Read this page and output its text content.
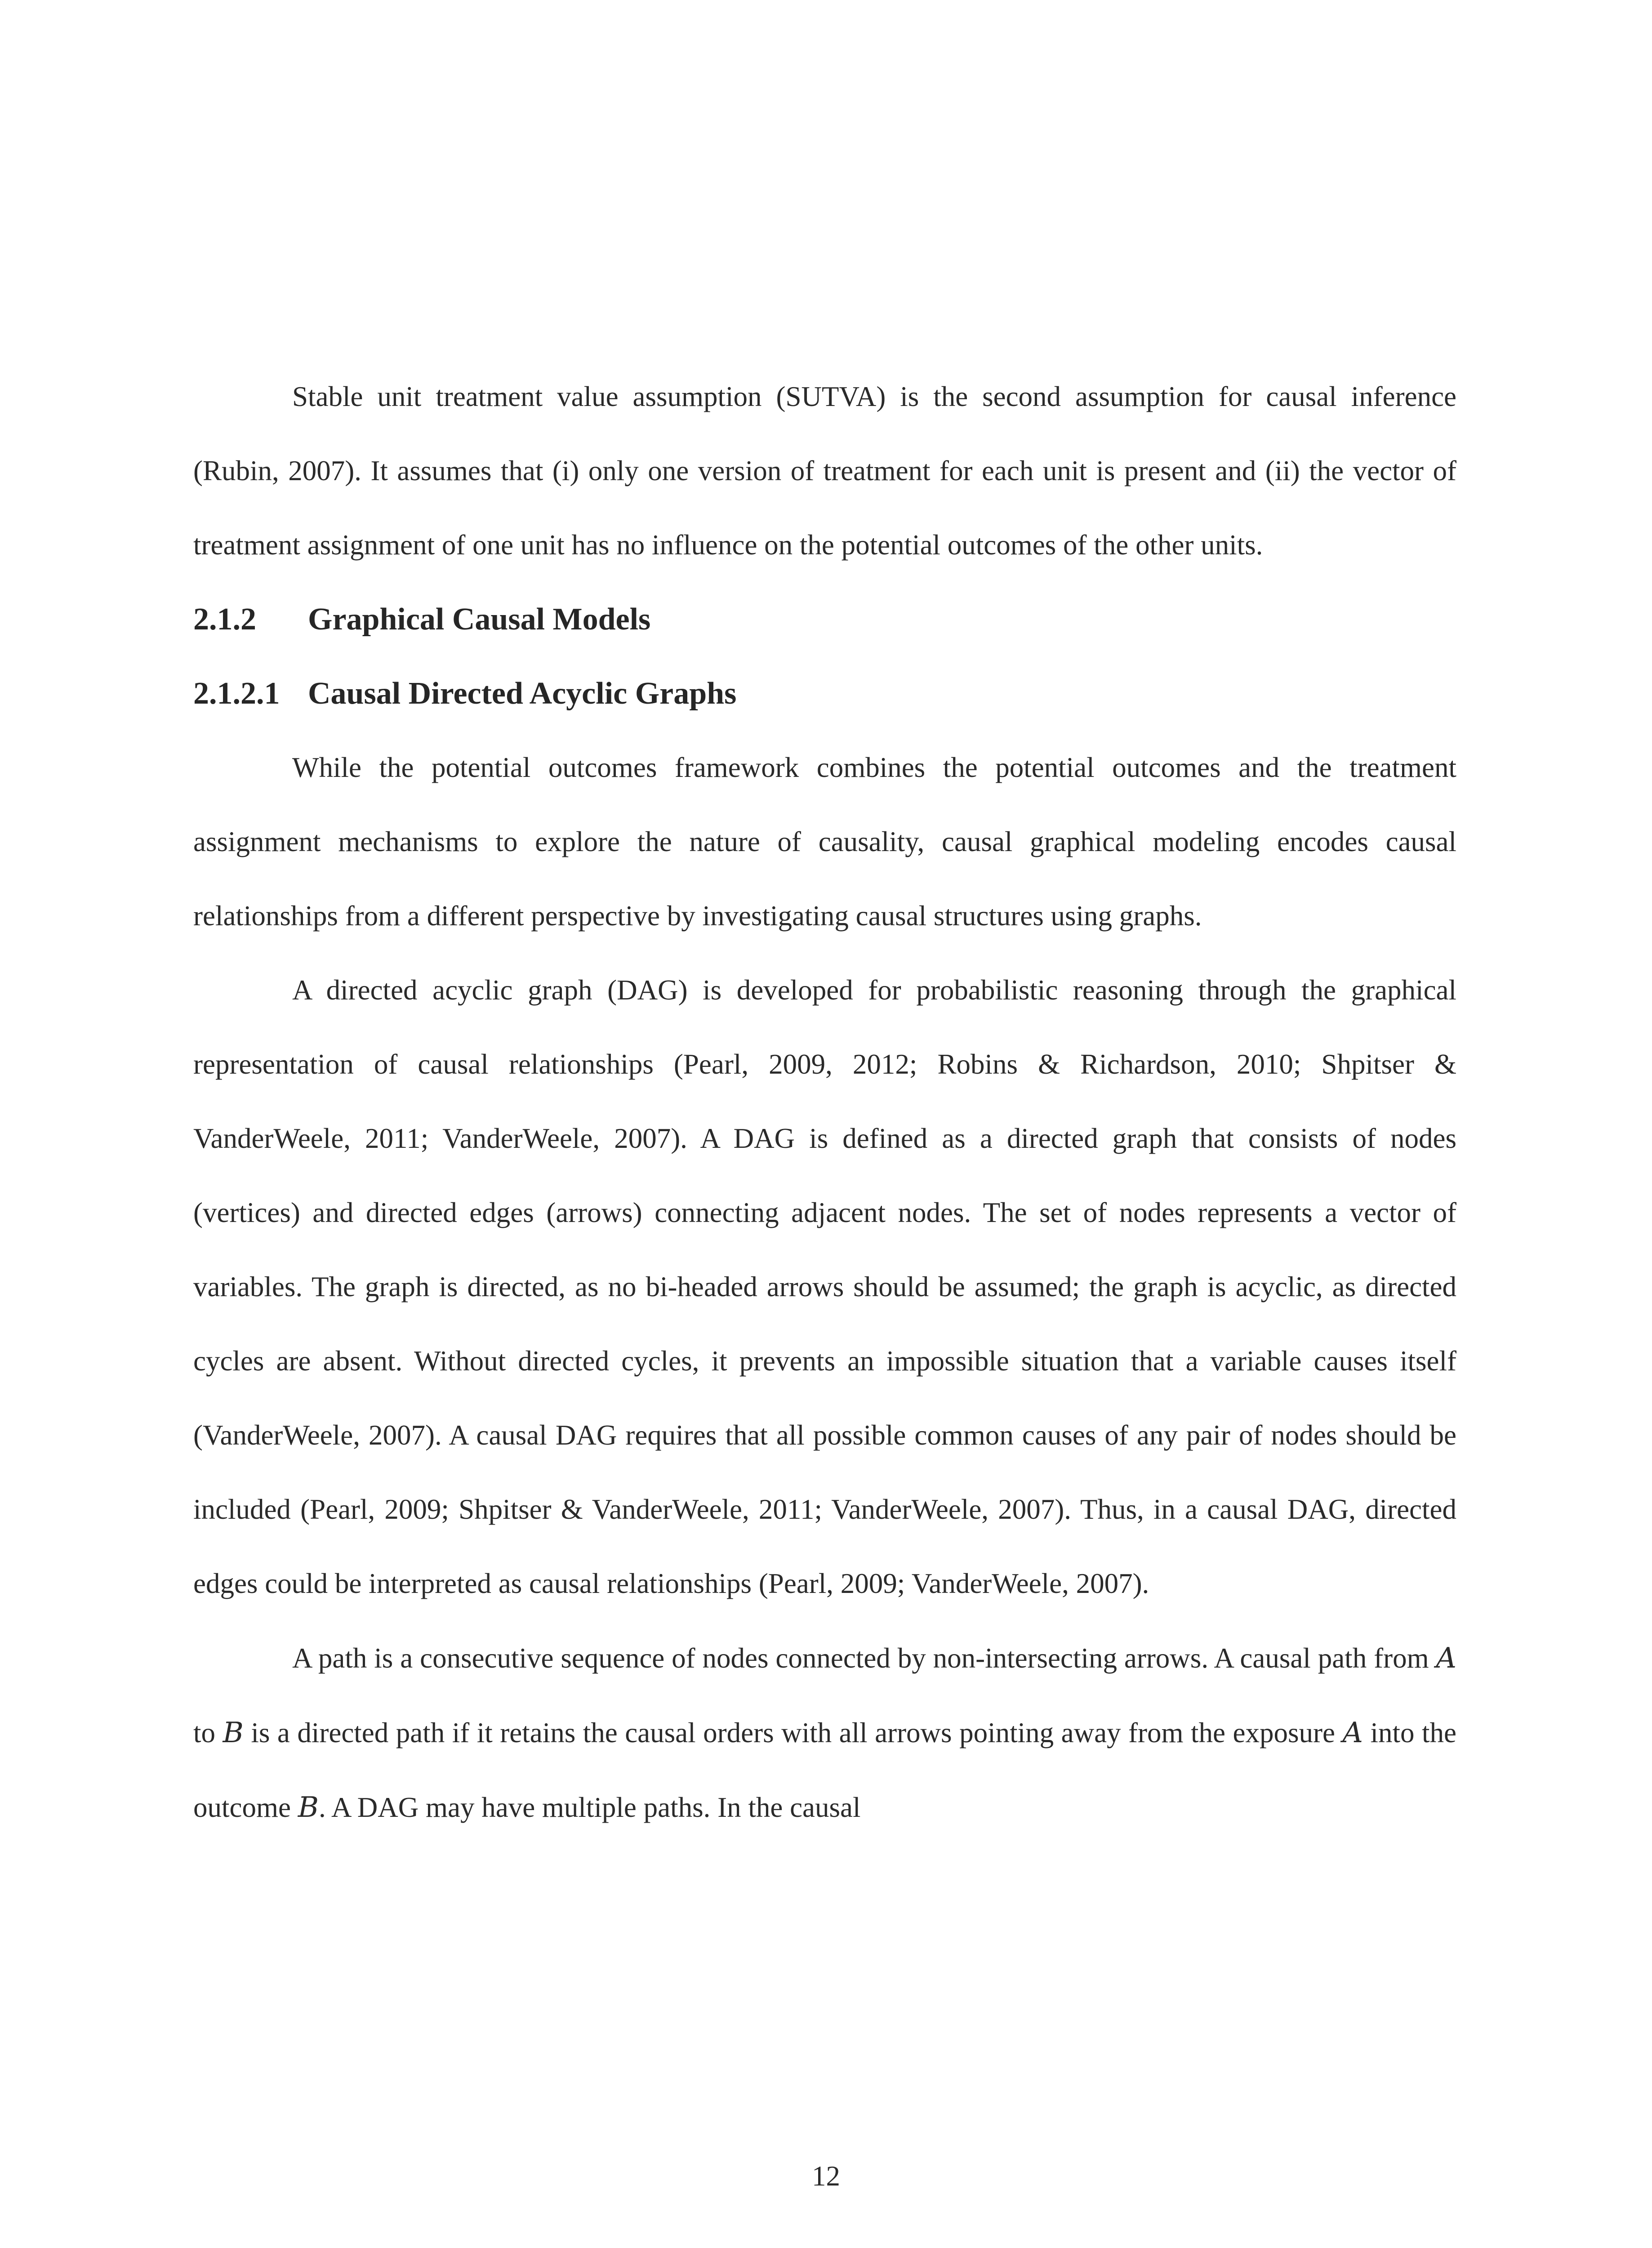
Stable unit treatment value assumption (SUTVA) is the second assumption for causal inference (Rubin, 2007). It assumes that (i) only one version of treatment for each unit is present and (ii) the vector of treatment assignment of one unit has no influence on the potential outcomes of the other units.

2.1.2 Graphical Causal Models
2.1.2.1 Causal Directed Acyclic Graphs

While the potential outcomes framework combines the potential outcomes and the treatment assignment mechanisms to explore the nature of causality, causal graphical modeling encodes causal relationships from a different perspective by investigating causal structures using graphs.

A directed acyclic graph (DAG) is developed for probabilistic reasoning through the graphical representation of causal relationships (Pearl, 2009, 2012; Robins & Richardson, 2010; Shpitser & VanderWeele, 2011; VanderWeele, 2007). A DAG is defined as a directed graph that consists of nodes (vertices) and directed edges (arrows) connecting adjacent nodes. The set of nodes represents a vector of variables. The graph is directed, as no bi-headed arrows should be assumed; the graph is acyclic, as directed cycles are absent. Without directed cycles, it prevents an impossible situation that a variable causes itself (VanderWeele, 2007). A causal DAG requires that all possible common causes of any pair of nodes should be included (Pearl, 2009; Shpitser & VanderWeele, 2011; VanderWeele, 2007). Thus, in a causal DAG, directed edges could be interpreted as causal relationships (Pearl, 2009; VanderWeele, 2007).

A path is a consecutive sequence of nodes connected by non-intersecting arrows. A causal path from A to B is a directed path if it retains the causal orders with all arrows pointing away from the exposure A into the outcome B. A DAG may have multiple paths. In the causal

12
